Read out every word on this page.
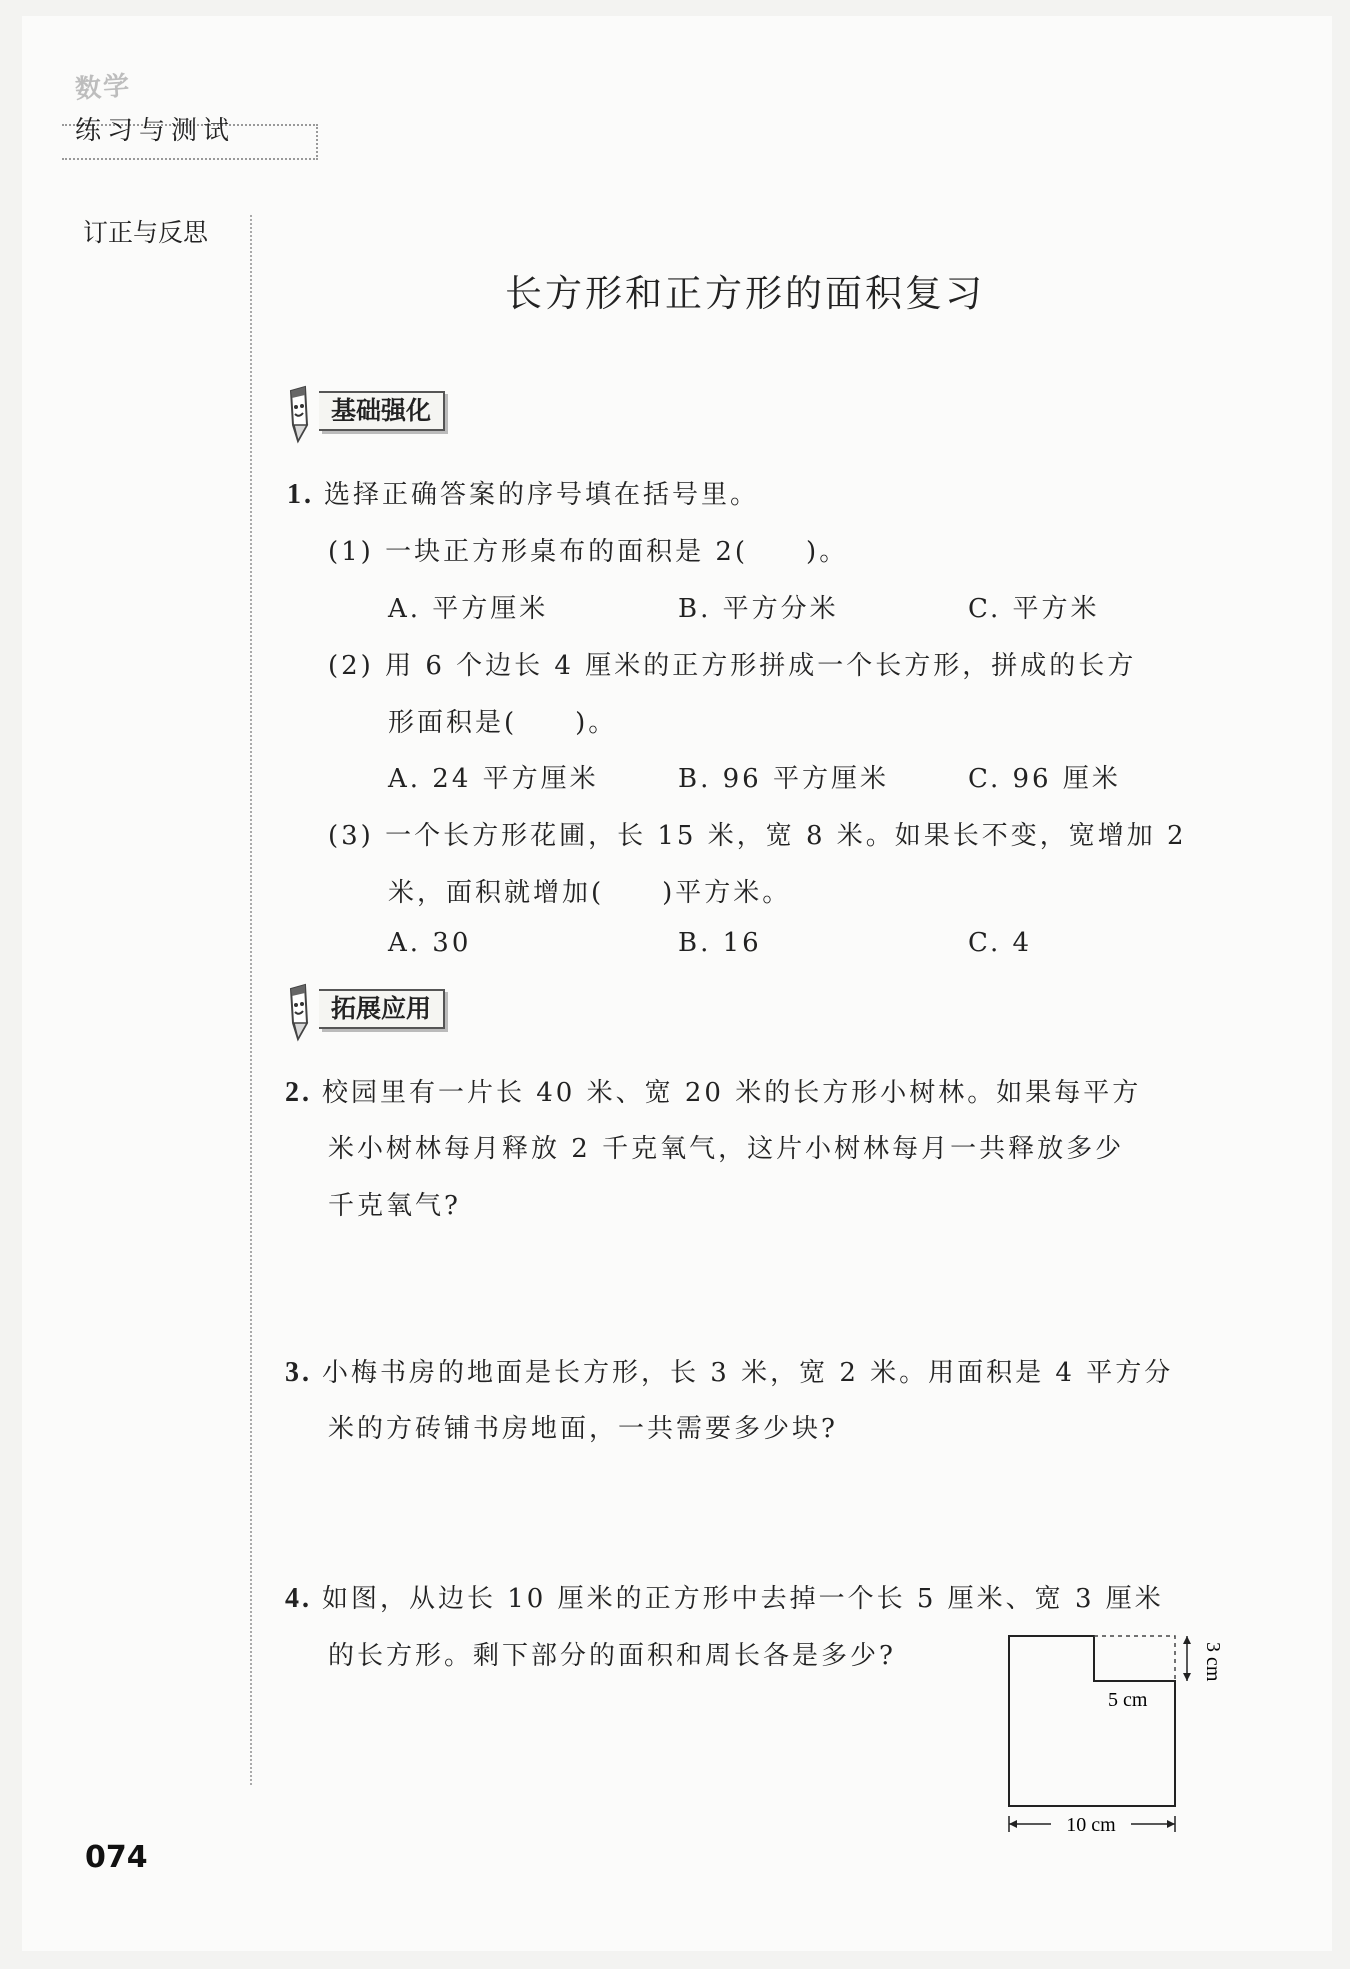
数学
练习与测试
订正与反思
长方形和正方形的面积复习
基础强化
1. 选择正确答案的序号填在括号里。
(1) 一块正方形桌布的面积是 2(　　)。
A. 平方厘米	B. 平方分米	C. 平方米
(2) 用 6 个边长 4 厘米的正方形拼成一个长方形，拼成的长方
形面积是(　　)。
A. 24 平方厘米	B. 96 平方厘米	C. 96 厘米
(3) 一个长方形花圃，长 15 米，宽 8 米。如果长不变，宽增加 2
米，面积就增加(　　)平方米。
A. 30	B. 16	C. 4
拓展应用
2. 校园里有一片长 40 米、宽 20 米的长方形小树林。如果每平方
米小树林每月释放 2 千克氧气，这片小树林每月一共释放多少
千克氧气?
3. 小梅书房的地面是长方形，长 3 米，宽 2 米。用面积是 4 平方分
米的方砖铺书房地面，一共需要多少块?
4. 如图，从边长 10 厘米的正方形中去掉一个长 5 厘米、宽 3 厘米
的长方形。剩下部分的面积和周长各是多少?
5 cm
3 cm
10 cm
074
